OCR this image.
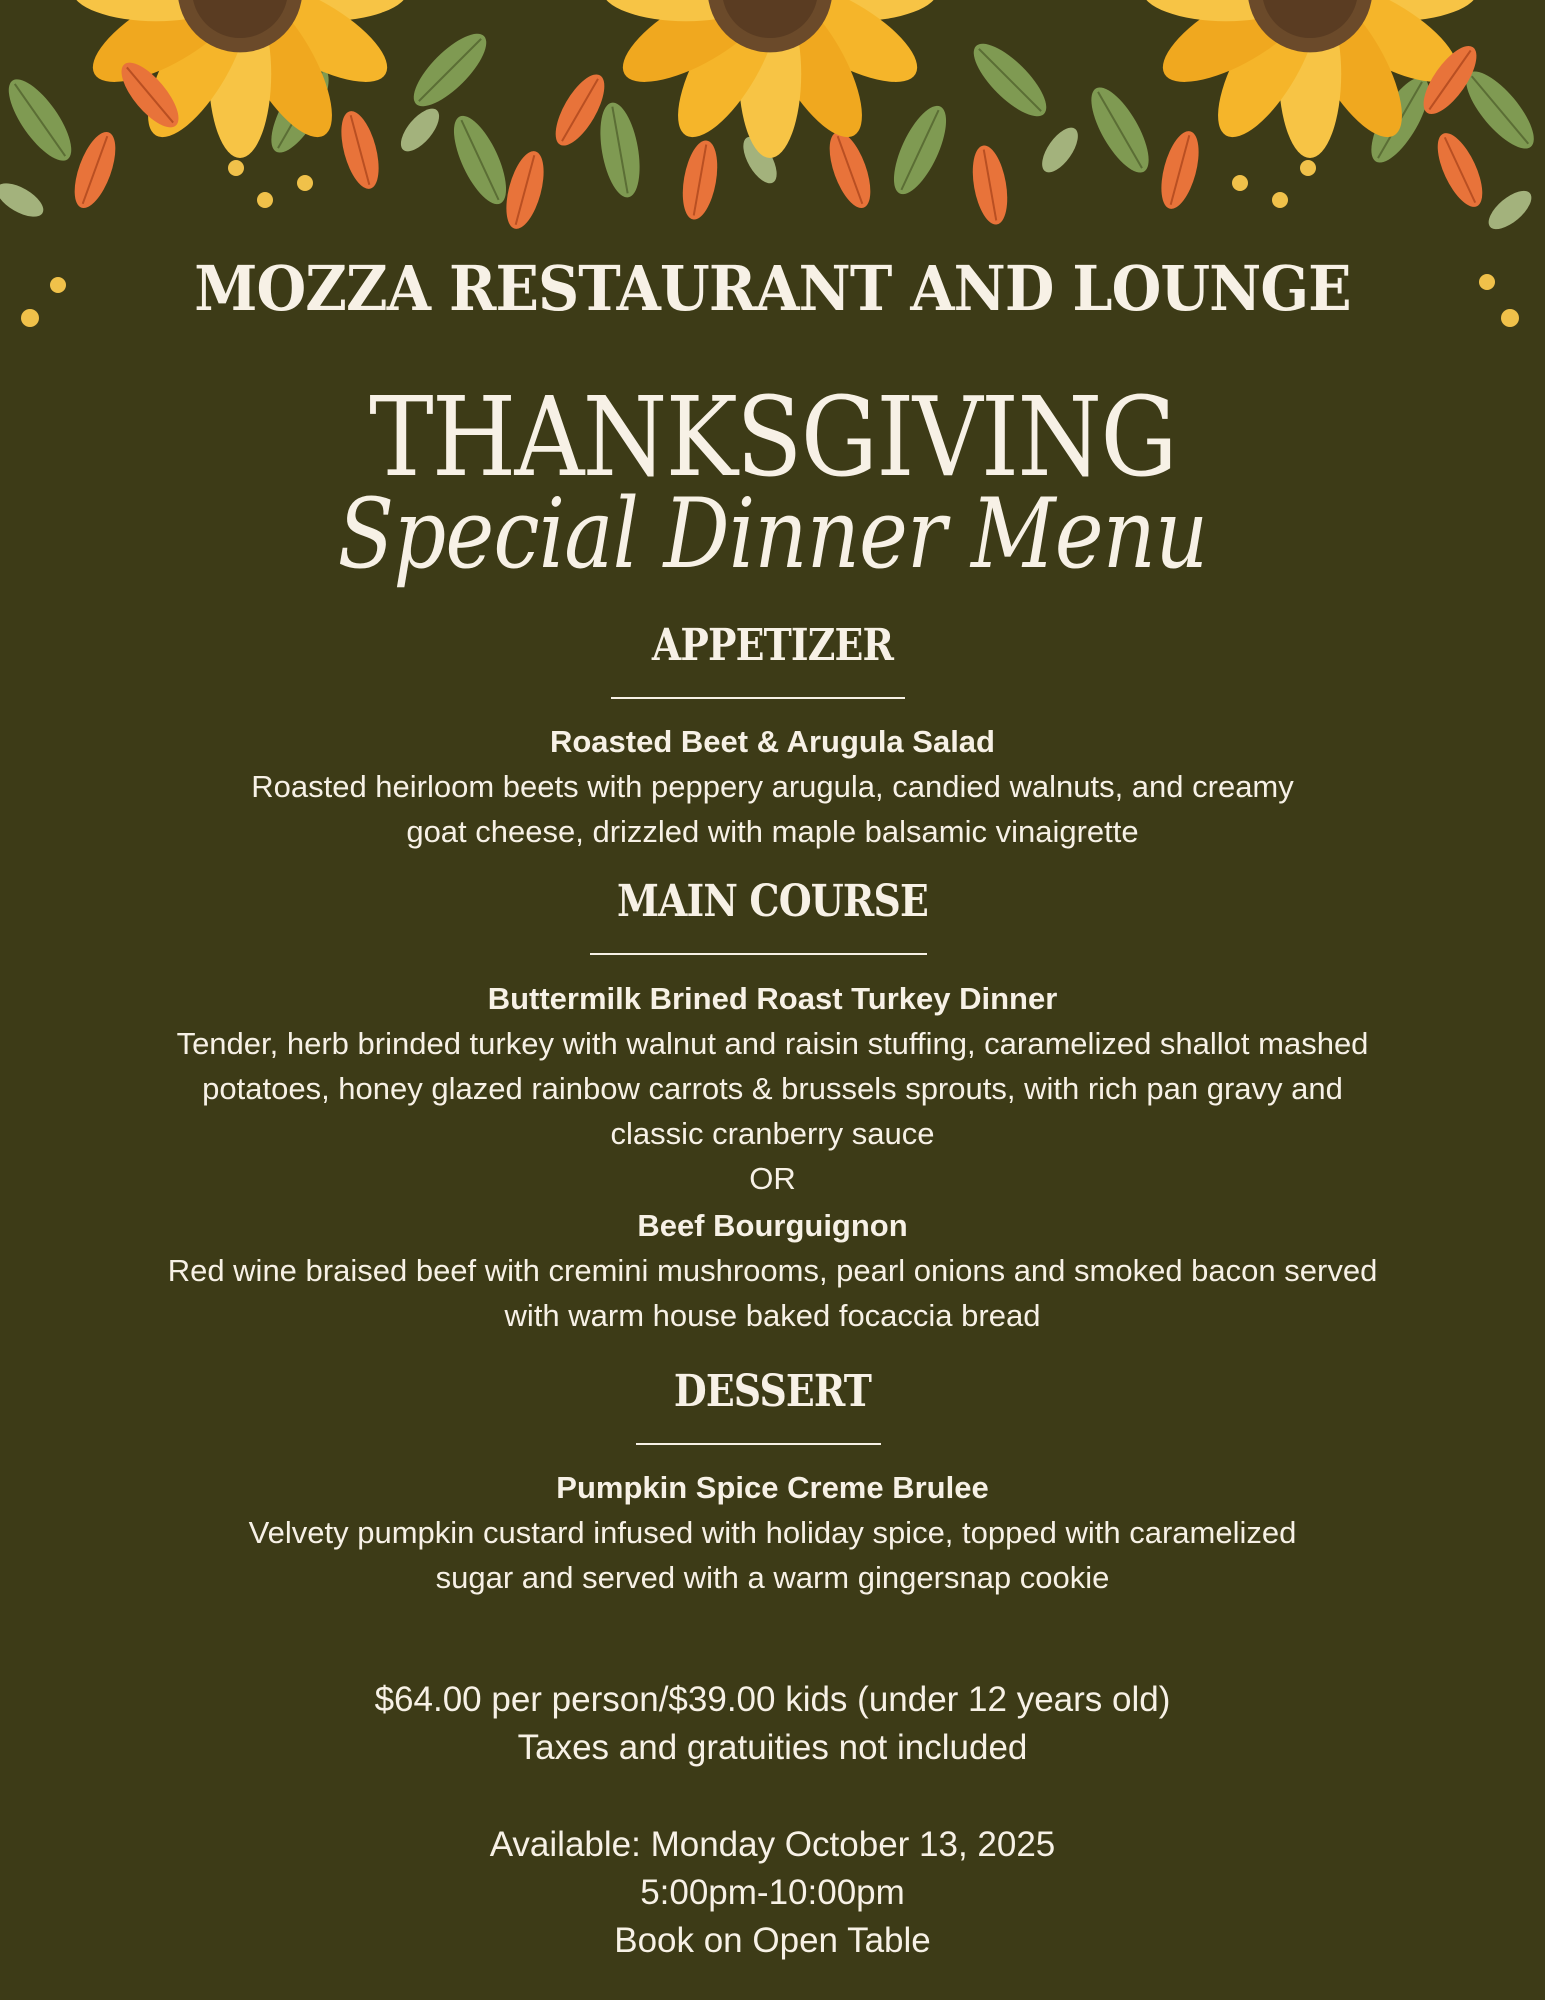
MOZZA RESTAURANT AND LOUNGE
THANKSGIVING
Special Dinner Menu
APPETIZER
Roasted Beet & Arugula Salad
Roasted heirloom beets with peppery arugula, candied walnuts, and creamy
goat cheese, drizzled with maple balsamic vinaigrette
MAIN COURSE
Buttermilk Brined Roast Turkey Dinner
Tender, herb brinded turkey with walnut and raisin stuffing, caramelized shallot mashed
potatoes, honey glazed rainbow carrots & brussels sprouts, with rich pan gravy and
classic cranberry sauce
OR
Beef Bourguignon
Red wine braised beef with cremini mushrooms, pearl onions and smoked bacon served
with warm house baked focaccia bread
DESSERT
Pumpkin Spice Creme Brulee
Velvety pumpkin custard infused with holiday spice, topped with caramelized
sugar and served with a warm gingersnap cookie
$64.00 per person/$39.00 kids (under 12 years old)
Taxes and gratuities not included
Available: Monday October 13, 2025
5:00pm-10:00pm
Book on Open Table
